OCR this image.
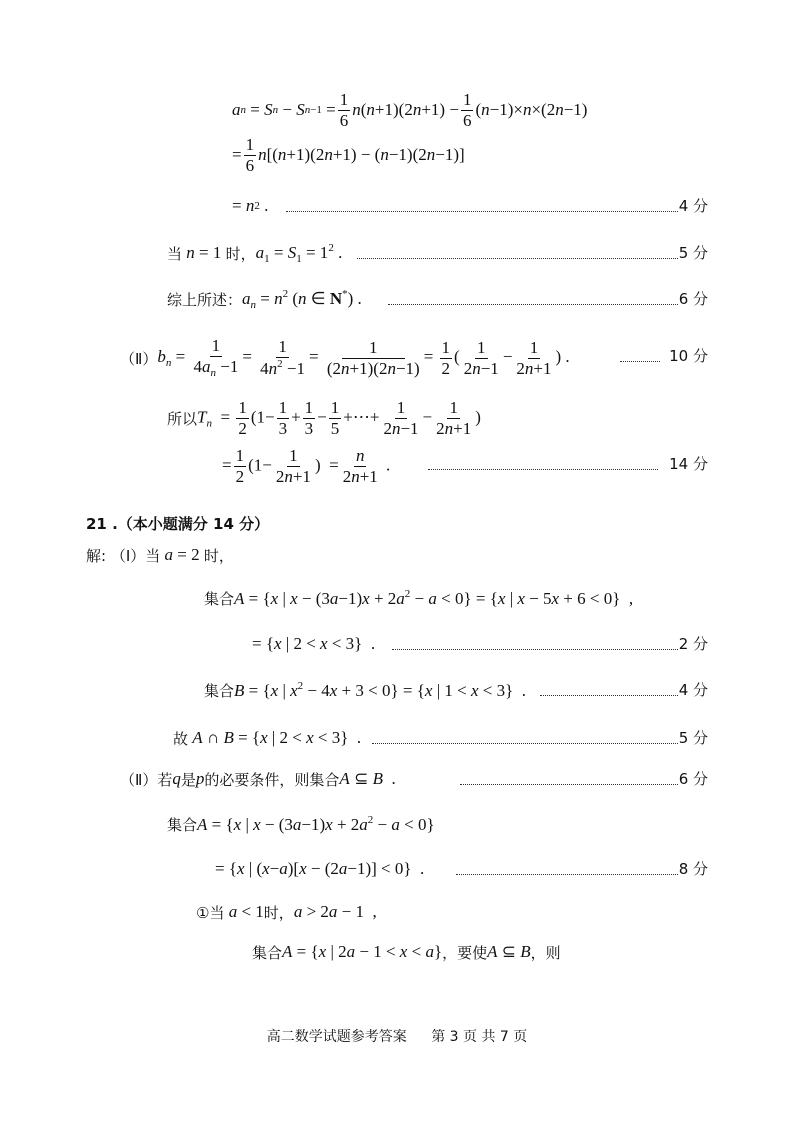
a n = S n − S $n-1 = \frac{1}{6}$ n ( n +1)(2 $n +1) - \frac{1}{6}$ ( n −1)× n ×(2 n −1)
= $\frac{1}{6}$ n [( n +1)(2 n +1) − ( n −1)(2 n −1)]
= n 2 .	4 分
当 n = 1 时， $a_1 = S_1 = 1^2$ .	5 分
综上所述： $a_n = n^2$ (n ∈ N*) .	6 分
（Ⅱ） $b_n = \frac{1}{4a_n -1} = \frac{1}{4n^2 -1} = \frac{1}{(2n+1)(2n-1)} = \frac{1}{2}$ ( $\frac{1}{2n-1} - \frac{1}{2n+1}$ ) .	10 分
所以 $T_n = \frac{1}{2} (1- \frac{1}{3} + \frac{1}{3} - \frac{1}{5}$ +⋯+ $\frac{1}{2n-1} - \frac{1}{2n+1}$ )
= $\frac{1}{2} (1- \frac{1}{2n+1}$ )  = $\frac{n}{2n+1}$ .	14 分
21 .（本小题满分 14 分）
解: （Ⅰ）当 a = 2 时，
集合 A = {x | $x - (3a-1)x + 2a^2 - a < 0\} = \{x$ | x − 5x + 6 < 0}  ,
= { x | 2 < x < 3}  .	2 分
集合 B = {x | $x^2 - 4x + 3 < 0\} = \{x$ | 1 < x < 3}  .	4 分
故 A ∩ B = {x | 2 < x < 3}  .	5 分
（Ⅱ）若 q 是 p 的必要条件，则集合 A ⊆ B  .	6 分
集合 A = {x | $x - (3a-1)x + 2a^2 - a < 0$}
= { x | ( x − a )[ x − (2 a −1)] < 0}  .	8 分
①当 a < 1 时， a > 2a − 1  ,
集合 A = {x | 2a − 1 < x < a} ，要使 A ⊆ B ，则
高二数学试题参考答案 第 3 页 共 7 页
